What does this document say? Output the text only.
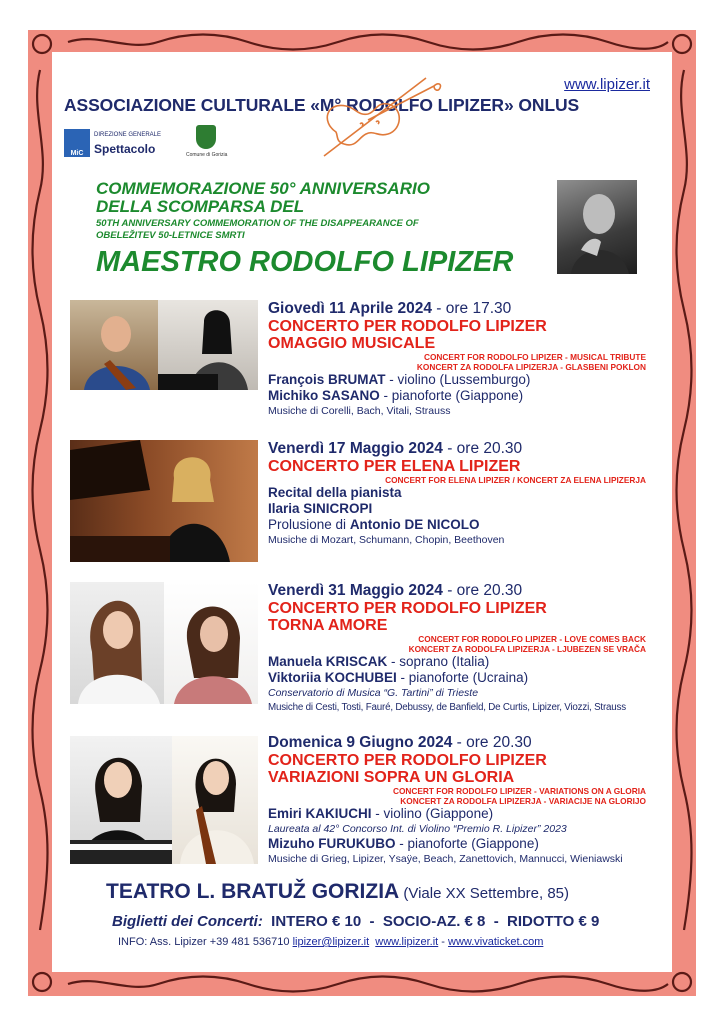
www.lipizer.it
ASSOCIAZIONE CULTURALE «M° RODOLFO LIPIZER» ONLUS
MiC
DIREZIONE GENERALE
Spettacolo	Comune di Gorizia
COMMEMORAZIONE 50° ANNIVERSARIO
DELLA SCOMPARSA DEL
50TH ANNIVERSARY COMMEMORATION OF THE DISAPPEARANCE OF
OBELEŽITEV 50-LETNICE SMRTI
MAESTRO RODOLFO LIPIZER
Giovedì 11 Aprile 2024 - ore 17.30
CONCERTO PER RODOLFO LIPIZER
OMAGGIO MUSICALE
CONCERT FOR RODOLFO LIPIZER - MUSICAL TRIBUTE
KONCERT ZA RODOLFA LIPIZERJA - GLASBENI POKLON
François BRUMAT - violino (Lussemburgo)
Michiko SASANO - pianoforte (Giappone)
Musiche di Corelli, Bach, Vitali, Strauss
Venerdì 17 Maggio 2024 - ore 20.30
CONCERTO PER ELENA LIPIZER
CONCERT FOR ELENA LIPIZER / KONCERT ZA ELENA LIPIZERJA
Recital della pianista
Ilaria SINICROPI
Prolusione di Antonio DE NICOLO
Musiche di Mozart, Schumann, Chopin, Beethoven
Venerdì 31 Maggio 2024 - ore 20.30
CONCERTO PER RODOLFO LIPIZER
TORNA AMORE
CONCERT FOR RODOLFO LIPIZER - LOVE COMES BACK
KONCERT ZA RODOLFA LIPIZERJA - LJUBEZEN SE VRAČA
Manuela KRISCAK - soprano (Italia)
Viktoriia KOCHUBEI - pianoforte (Ucraina)
Conservatorio di Musica “G. Tartini” di Trieste
Musiche di Cesti, Tosti, Fauré, Debussy, de Banfield, De Curtis, Lipizer, Viozzi, Strauss
Domenica 9 Giugno 2024 - ore 20.30
CONCERTO PER RODOLFO LIPIZER
VARIAZIONI SOPRA UN GLORIA
CONCERT FOR RODOLFO LIPIZER - VARIATIONS ON A GLORIA
KONCERT ZA RODOLFA LIPIZERJA - VARIACIJE NA GLORIJO
Emiri KAKIUCHI - violino (Giappone)
Laureata al 42° Concorso Int. di Violino “Premio R. Lipizer” 2023
Mizuho FURUKUBO - pianoforte (Giappone)
Musiche di Grieg, Lipizer, Ysaÿe, Beach, Zanettovich, Mannucci, Wieniawski
TEATRO L. BRATUŽ GORIZIA (Viale XX Settembre, 85)
Biglietti dei Concerti:  INTERO € 10  -  SOCIO-AZ. € 8  -  RIDOTTO € 9
INFO: Ass. Lipizer +39 481 536710 lipizer@lipizer.it www.lipizer.it - www.vivaticket.com
